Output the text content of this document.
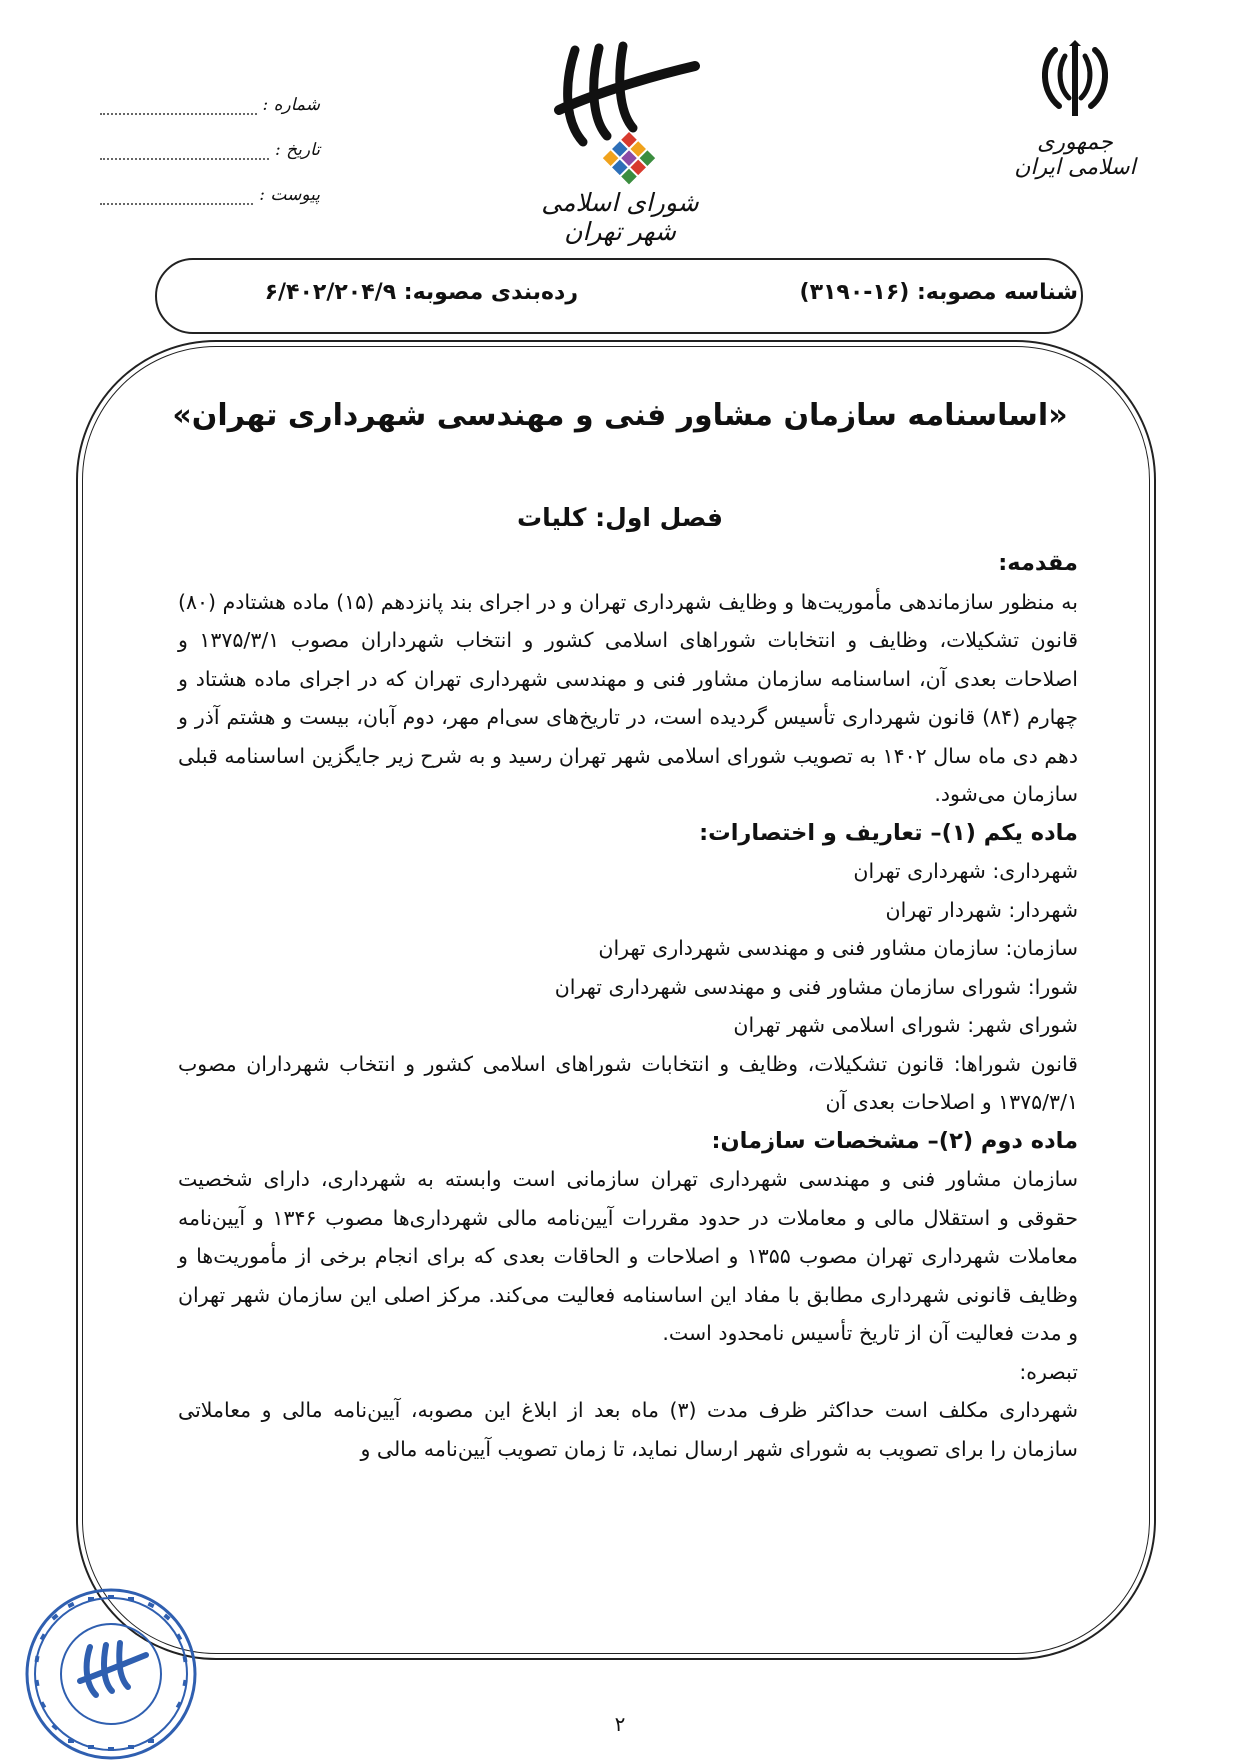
جمهوری اسلامی ایران
شورای اسلامی شهر تهران
شماره :
تاریخ :
پیوست :
شناسه مصوبه: (۱۶-۳۱۹۰)
رده‌بندی مصوبه: ۶/۴۰۲/۲۰۴/۹
«اساسنامه سازمان مشاور فنی و مهندسی شهرداری تهران»
فصل اول: کلیات

مقدمه:

به منظور سازماندهی مأموریت‌ها و وظایف شهرداری تهران و در اجرای بند پانزدهم (۱۵) ماده هشتادم (۸۰) قانون تشکیلات، وظایف و انتخابات شوراهای اسلامی کشور و انتخاب شهرداران مصوب ۱۳۷۵/۳/۱ و اصلاحات بعدی آن، اساسنامه سازمان مشاور فنی و مهندسی شهرداری تهران که در اجرای ماده هشتاد و چهارم (۸۴) قانون شهرداری تأسیس گردیده است، در تاریخ‌های سی‌ام مهر، دوم آبان، بیست و هشتم آذر و دهم دی ماه سال ۱۴۰۲ به تصویب شورای اسلامی شهر تهران رسید و به شرح زیر جایگزین اساسنامه قبلی سازمان می‌شود.

ماده یکم (۱)– تعاریف و اختصارات:

شهرداری: شهرداری تهران

شهردار: شهردار تهران

سازمان: سازمان مشاور فنی و مهندسی شهرداری تهران

شورا: شورای سازمان مشاور فنی و مهندسی شهرداری تهران

شورای شهر: شورای اسلامی شهر تهران

قانون شوراها: قانون تشکیلات، وظایف و انتخابات شوراهای اسلامی کشور و انتخاب شهرداران مصوب ۱۳۷۵/۳/۱ و اصلاحات بعدی آن

ماده دوم (۲)– مشخصات سازمان:

سازمان مشاور فنی و مهندسی شهرداری تهران سازمانی است وابسته به شهرداری، دارای شخصیت حقوقی و استقلال مالی و معاملات در حدود مقررات آیین‌نامه مالی شهرداری‌ها مصوب ۱۳۴۶ و آیین‌نامه معاملات شهرداری تهران مصوب ۱۳۵۵ و اصلاحات و الحاقات بعدی که برای انجام برخی از مأموریت‌ها و وظایف قانونی شهرداری مطابق با مفاد این اساسنامه فعالیت می‌کند. مرکز اصلی این سازمان شهر تهران و مدت فعالیت آن از تاریخ تأسیس نامحدود است.

تبصره:

شهرداری مکلف است حداکثر ظرف مدت (۳) ماه بعد از ابلاغ این مصوبه، آیین‌نامه مالی و معاملاتی سازمان را برای تصویب به شورای شهر ارسال نماید، تا زمان تصویب آیین‌نامه مالی و

۲
